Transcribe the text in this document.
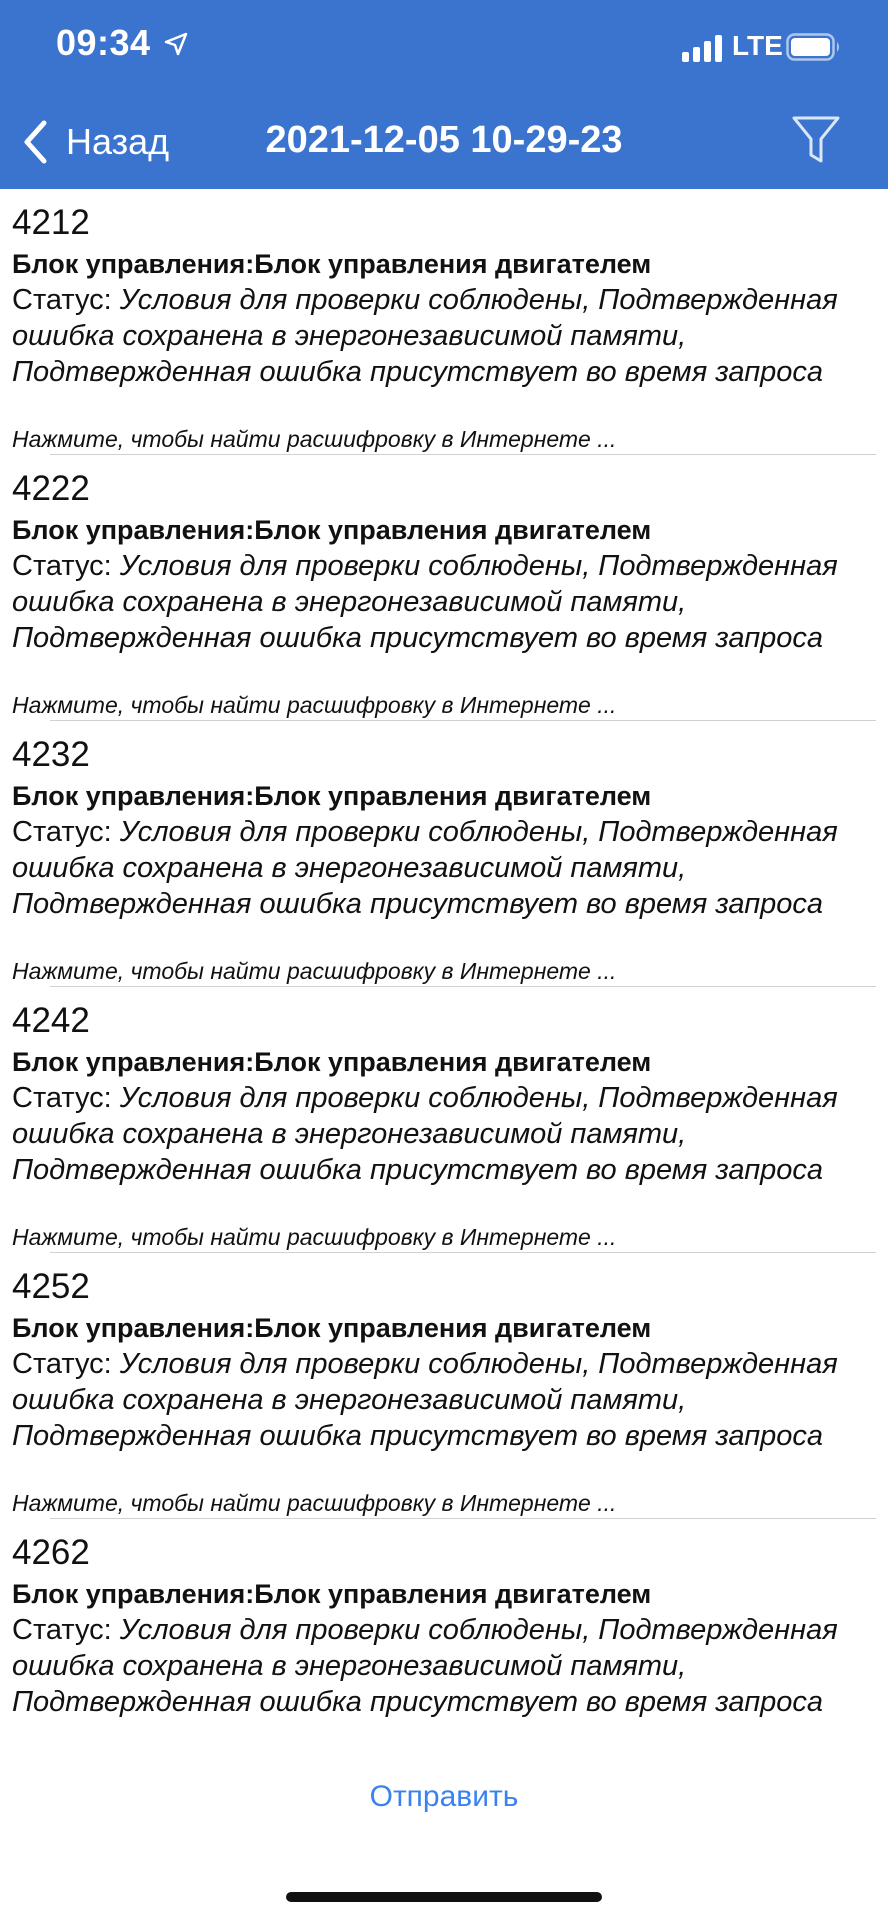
09:34	LTE
Назад	2021-12-05 10-29-23
4212
Блок управления:Блок управления двигателем
Статус: Условия для проверки соблюдены, Подтвержденная ошибка сохранена в энергонезависимой памяти, Подтвержденная ошибка присутствует во время запроса
Нажмите, чтобы найти расшифровку в Интернете ...
4222
Блок управления:Блок управления двигателем
Статус: Условия для проверки соблюдены, Подтвержденная ошибка сохранена в энергонезависимой памяти, Подтвержденная ошибка присутствует во время запроса
Нажмите, чтобы найти расшифровку в Интернете ...
4232
Блок управления:Блок управления двигателем
Статус: Условия для проверки соблюдены, Подтвержденная ошибка сохранена в энергонезависимой памяти, Подтвержденная ошибка присутствует во время запроса
Нажмите, чтобы найти расшифровку в Интернете ...
4242
Блок управления:Блок управления двигателем
Статус: Условия для проверки соблюдены, Подтвержденная ошибка сохранена в энергонезависимой памяти, Подтвержденная ошибка присутствует во время запроса
Нажмите, чтобы найти расшифровку в Интернете ...
4252
Блок управления:Блок управления двигателем
Статус: Условия для проверки соблюдены, Подтвержденная ошибка сохранена в энергонезависимой памяти, Подтвержденная ошибка присутствует во время запроса
Нажмите, чтобы найти расшифровку в Интернете ...
4262
Блок управления:Блок управления двигателем
Статус: Условия для проверки соблюдены, Подтвержденная ошибка сохранена в энергонезависимой памяти, Подтвержденная ошибка присутствует во время запроса
Отправить
